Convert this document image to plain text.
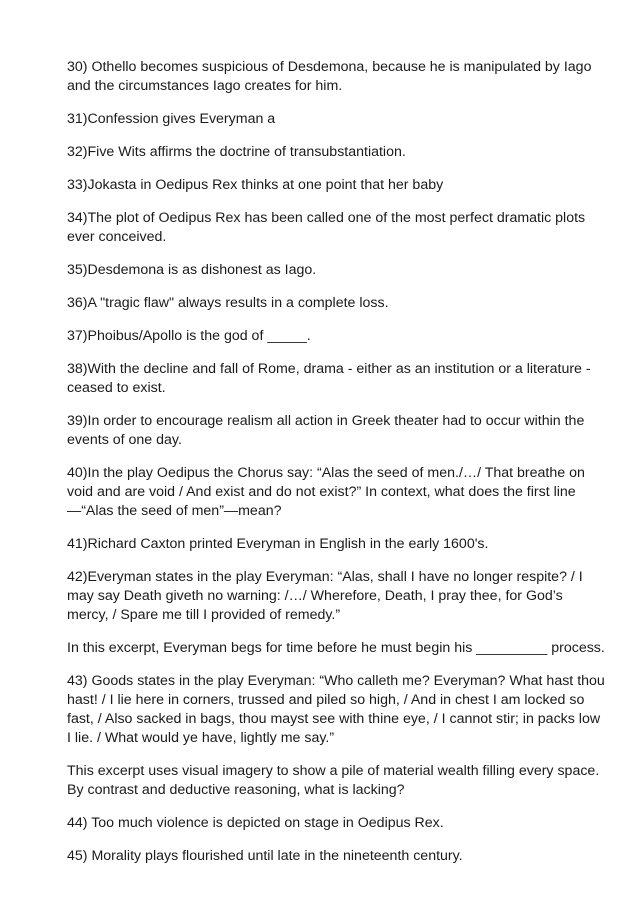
30) Othello becomes suspicious of Desdemona, because he is manipulated by Iago and the circumstances Iago creates for him.

31)Confession gives Everyman a

32)Five Wits affirms the doctrine of transubstantiation.

33)Jokasta in Oedipus Rex thinks at one point that her baby

34)The plot of Oedipus Rex has been called one of the most perfect dramatic plots ever conceived.

35)Desdemona is as dishonest as Iago.

36)A "tragic flaw" always results in a complete loss.

37)Phoibus/Apollo is the god of _____.

38)With the decline and fall of Rome, drama - either as an institution or a literature - ceased to exist.

39)In order to encourage realism all action in Greek theater had to occur within the events of one day.

40)In the play Oedipus the Chorus say: “Alas the seed of men./…/ That breathe on void and are void / And exist and do not exist?” In context, what does the first line—“Alas the seed of men”—mean?

41)Richard Caxton printed Everyman in English in the early 1600's.

42)Everyman states in the play Everyman: “Alas, shall I have no longer respite? / I may say Death giveth no warning: /…/ Wherefore, Death, I pray thee, for God’s mercy, / Spare me till I provided of remedy.”

In this excerpt, Everyman begs for time before he must begin his _________ process.

43) Goods states in the play Everyman: “Who calleth me? Everyman? What hast thou hast! / I lie here in corners, trussed and piled so high, / And in chest I am locked so fast, / Also sacked in bags, thou mayst see with thine eye, / I cannot stir; in packs low I lie. / What would ye have, lightly me say.”

This excerpt uses visual imagery to show a pile of material wealth filling every space. By contrast and deductive reasoning, what is lacking?

44) Too much violence is depicted on stage in Oedipus Rex.

45) Morality plays flourished until late in the nineteenth century.
